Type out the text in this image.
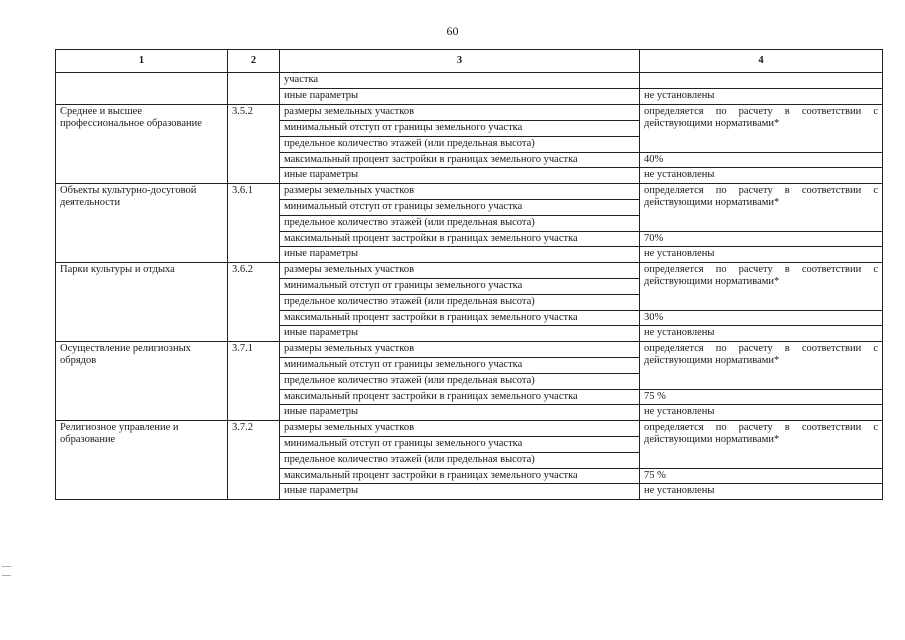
60
— —
1	2	3	4
		участка	
		иные параметры	не установлены
Среднее и высшее профессиональное образование	3.5.2	размеры земельных участков	определяется по расчету в соответствии с действующими нормативами*
		минимальный отступ от границы земельного участка	
		предельное количество этажей (или предельная высота)	
		максимальный процент застройки в границах земельного участка	40%
		иные параметры	не установлены
Объекты культурно-досуговой деятельности	3.6.1	размеры земельных участков	определяется по расчету в соответствии с действующими нормативами*
		минимальный отступ от границы земельного участка	
		предельное количество этажей (или предельная высота)	
		максимальный процент застройки в границах земельного участка	70%
		иные параметры	не установлены
Парки культуры и отдыха	3.6.2	размеры земельных участков	определяется по расчету в соответствии с действующими нормативами*
		минимальный отступ от границы земельного участка	
		предельное количество этажей (или предельная высота)	
		максимальный процент застройки в границах земельного участка	30%
		иные параметры	не установлены
Осуществление религиозных обрядов	3.7.1	размеры земельных участков	определяется по расчету в соответствии с действующими нормативами*
		минимальный отступ от границы земельного участка	
		предельное количество этажей (или предельная высота)	
		максимальный процент застройки в границах земельного участка	75 %
		иные параметры	не установлены
Религиозное управление и образование	3.7.2	размеры земельных участков	определяется по расчету в соответствии с действующими нормативами*
		минимальный отступ от границы земельного участка	
		предельное количество этажей (или предельная высота)	
		максимальный процент застройки в границах земельного участка	75 %
		иные параметры	не установлены
